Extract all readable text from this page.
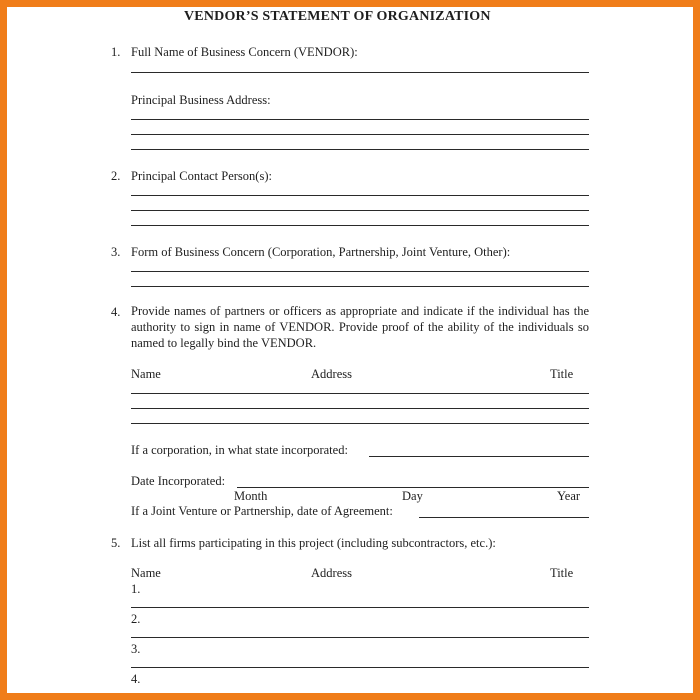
VENDOR’S STATEMENT OF ORGANIZATION
1. Full Name of Business Concern (VENDOR):
Principal Business Address:
2. Principal Contact Person(s):
3. Form of Business Concern (Corporation, Partnership, Joint Venture, Other):
4. Provide names of partners or officers as appropriate and indicate if the individual has the authority to sign in name of VENDOR. Provide proof of the ability of the individuals so named to legally bind the VENDOR.
Name	Address	Title
If a corporation, in what state incorporated:
Date Incorporated:
Month	Day	Year
If a Joint Venture or Partnership, date of Agreement:
5. List all firms participating in this project (including subcontractors, etc.):
Name	Address	Title
1.
2.
3.
4.
